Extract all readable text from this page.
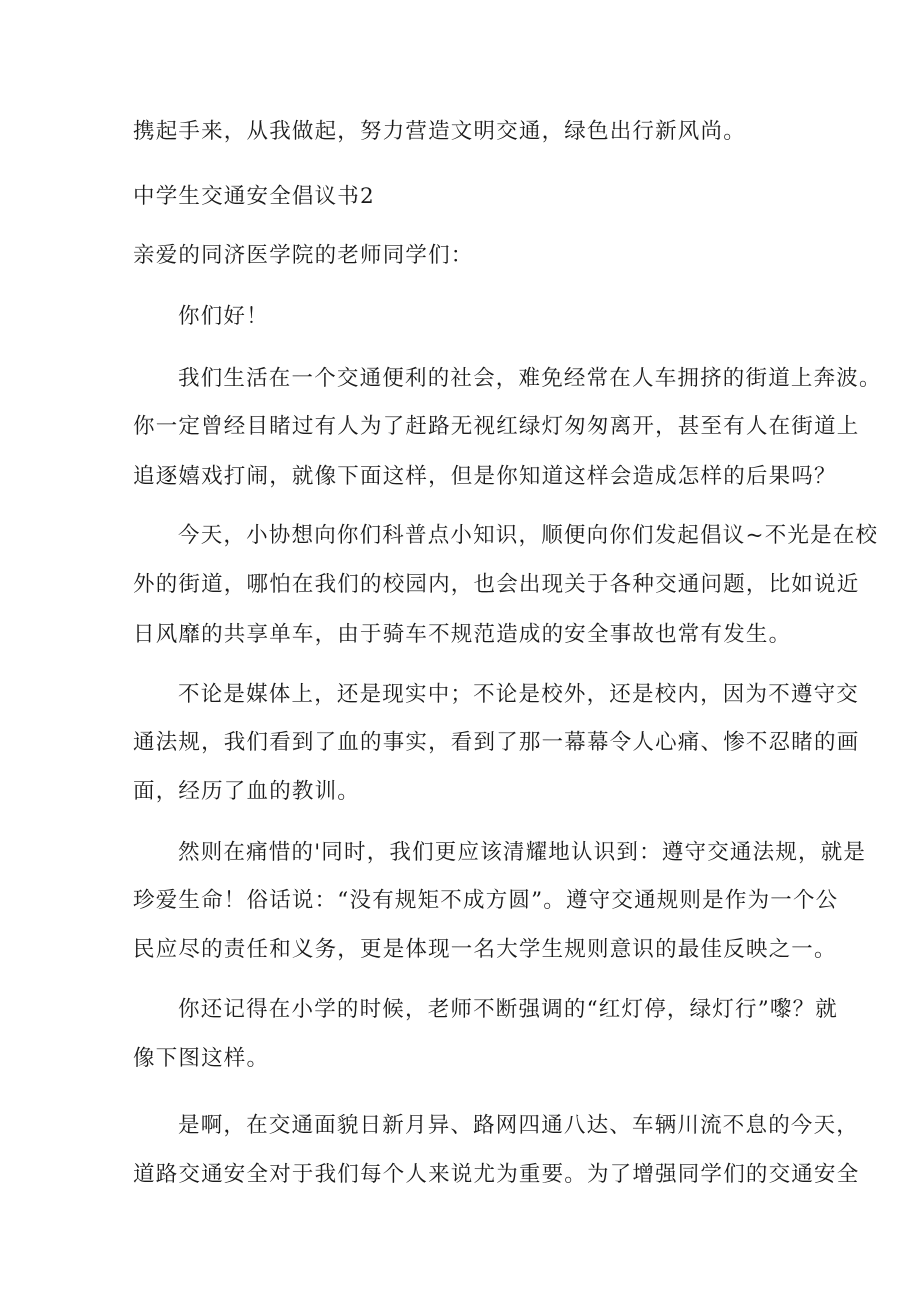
携起手来，从我做起，努力营造文明交通，绿色出行新风尚。
中学生交通安全倡议书2
亲爱的同济医学院的老师同学们：
你们好！
我们生活在一个交通便利的社会，难免经常在人车拥挤的街道上奔波。
你一定曾经目睹过有人为了赶路无视红绿灯匆匆离开，甚至有人在街道上
追逐嬉戏打闹，就像下面这样，但是你知道这样会造成怎样的后果吗？
今天，小协想向你们科普点小知识，顺便向你们发起倡议~不光是在校
外的街道，哪怕在我们的校园内，也会出现关于各种交通问题，比如说近
日风靡的共享单车，由于骑车不规范造成的安全事故也常有发生。
不论是媒体上，还是现实中；不论是校外，还是校内，因为不遵守交
通法规，我们看到了血的事实，看到了那一幕幕令人心痛、惨不忍睹的画
面，经历了血的教训。
然则在痛惜的'同时，我们更应该清耀地认识到：遵守交通法规，就是
珍爱生命！俗话说：“没有规矩不成方圆”。遵守交通规则是作为一个公
民应尽的责任和义务，更是体现一名大学生规则意识的最佳反映之一。
你还记得在小学的时候，老师不断强调的“红灯停，绿灯行”嚟？就
像下图这样。
是啊，在交通面貌日新月异、路网四通八达、车辆川流不息的今天，
道路交通安全对于我们每个人来说尤为重要。为了增强同学们的交通安全
